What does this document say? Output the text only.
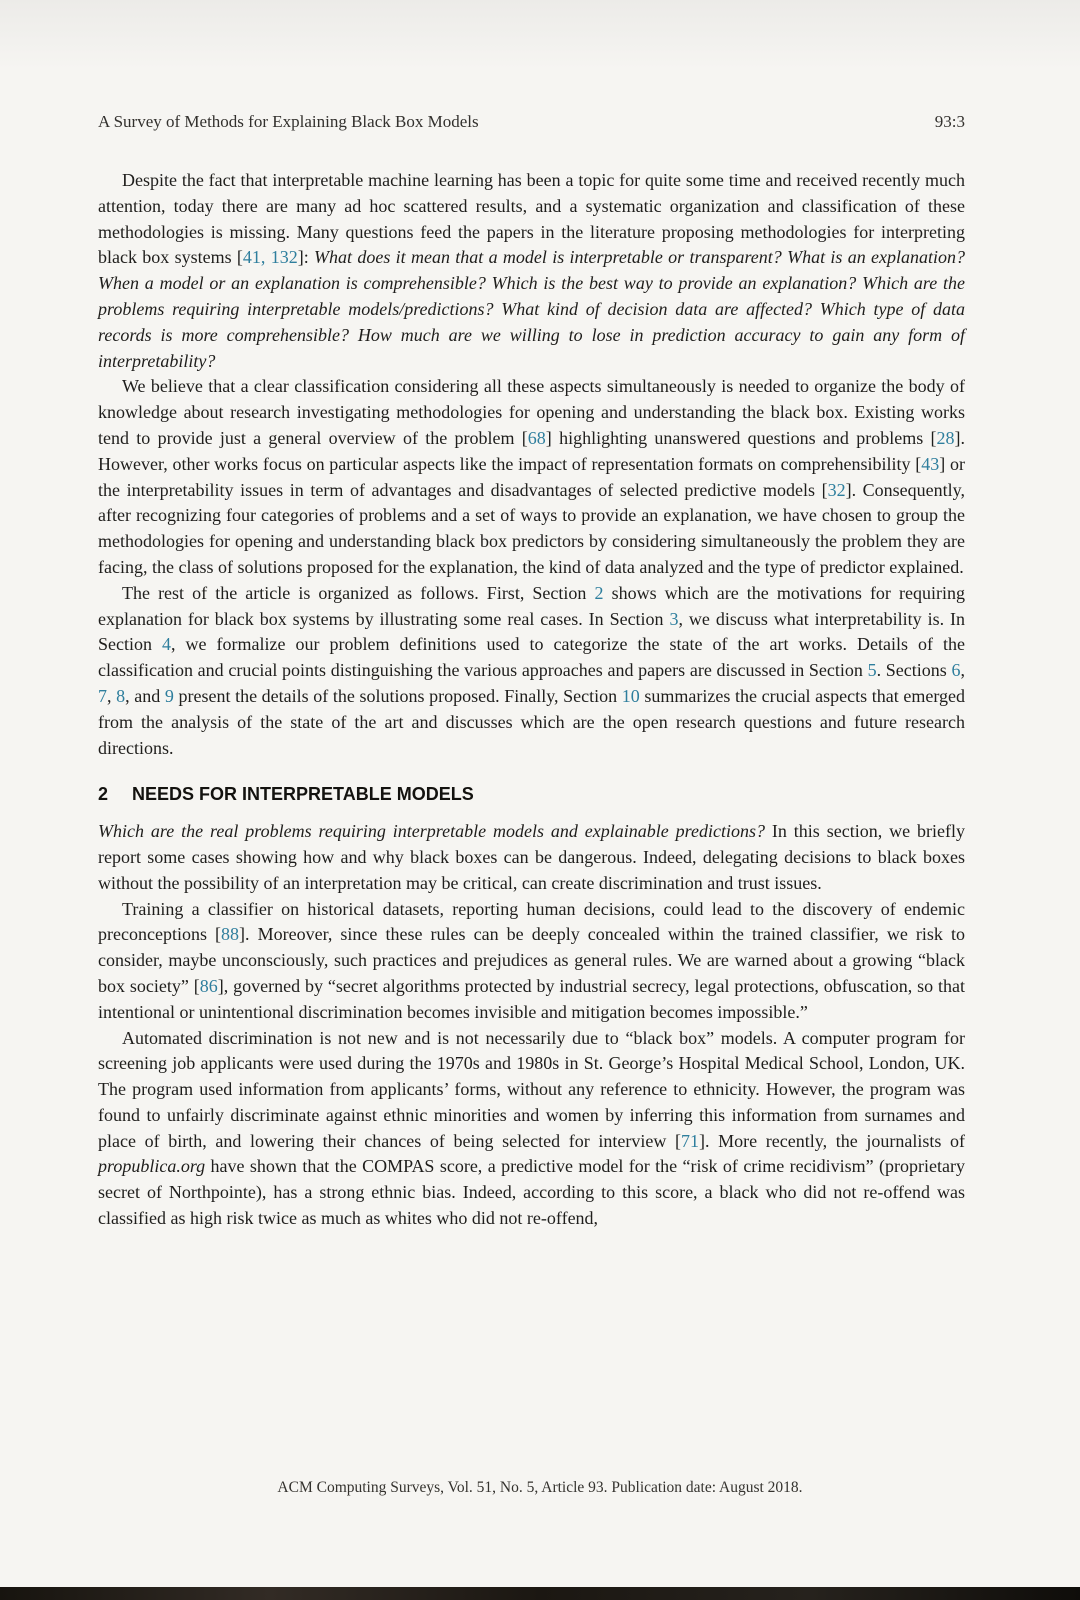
A Survey of Methods for Explaining Black Box Models	93:3

Despite the fact that interpretable machine learning has been a topic for quite some time and received recently much attention, today there are many ad hoc scattered results, and a systematic organization and classification of these methodologies is missing. Many questions feed the papers in the literature proposing methodologies for interpreting black box systems [41, 132]: What does it mean that a model is interpretable or transparent? What is an explanation? When a model or an explanation is comprehensible? Which is the best way to provide an explanation? Which are the problems requiring interpretable models/predictions? What kind of decision data are affected? Which type of data records is more comprehensible? How much are we willing to lose in prediction accuracy to gain any form of interpretability?

We believe that a clear classification considering all these aspects simultaneously is needed to organize the body of knowledge about research investigating methodologies for opening and understanding the black box. Existing works tend to provide just a general overview of the problem [68] highlighting unanswered questions and problems [28]. However, other works focus on particular aspects like the impact of representation formats on comprehensibility [43] or the interpretability issues in term of advantages and disadvantages of selected predictive models [32]. Consequently, after recognizing four categories of problems and a set of ways to provide an explanation, we have chosen to group the methodologies for opening and understanding black box predictors by considering simultaneously the problem they are facing, the class of solutions proposed for the explanation, the kind of data analyzed and the type of predictor explained.

The rest of the article is organized as follows. First, Section 2 shows which are the motivations for requiring explanation for black box systems by illustrating some real cases. In Section 3, we discuss what interpretability is. In Section 4, we formalize our problem definitions used to categorize the state of the art works. Details of the classification and crucial points distinguishing the various approaches and papers are discussed in Section 5. Sections 6, 7, 8, and 9 present the details of the solutions proposed. Finally, Section 10 summarizes the crucial aspects that emerged from the analysis of the state of the art and discusses which are the open research questions and future research directions.

2 NEEDS FOR INTERPRETABLE MODELS

Which are the real problems requiring interpretable models and explainable predictions? In this section, we briefly report some cases showing how and why black boxes can be dangerous. Indeed, delegating decisions to black boxes without the possibility of an interpretation may be critical, can create discrimination and trust issues.

Training a classifier on historical datasets, reporting human decisions, could lead to the discovery of endemic preconceptions [88]. Moreover, since these rules can be deeply concealed within the trained classifier, we risk to consider, maybe unconsciously, such practices and prejudices as general rules. We are warned about a growing “black box society” [86], governed by “secret algorithms protected by industrial secrecy, legal protections, obfuscation, so that intentional or unintentional discrimination becomes invisible and mitigation becomes impossible.”

Automated discrimination is not new and is not necessarily due to “black box” models. A computer program for screening job applicants were used during the 1970s and 1980s in St. George’s Hospital Medical School, London, UK. The program used information from applicants’ forms, without any reference to ethnicity. However, the program was found to unfairly discriminate against ethnic minorities and women by inferring this information from surnames and place of birth, and lowering their chances of being selected for interview [71]. More recently, the journalists of propublica.org have shown that the COMPAS score, a predictive model for the “risk of crime recidivism” (proprietary secret of Northpointe), has a strong ethnic bias. Indeed, according to this score, a black who did not re-offend was classified as high risk twice as much as whites who did not re-offend,

ACM Computing Surveys, Vol. 51, No. 5, Article 93. Publication date: August 2018.
